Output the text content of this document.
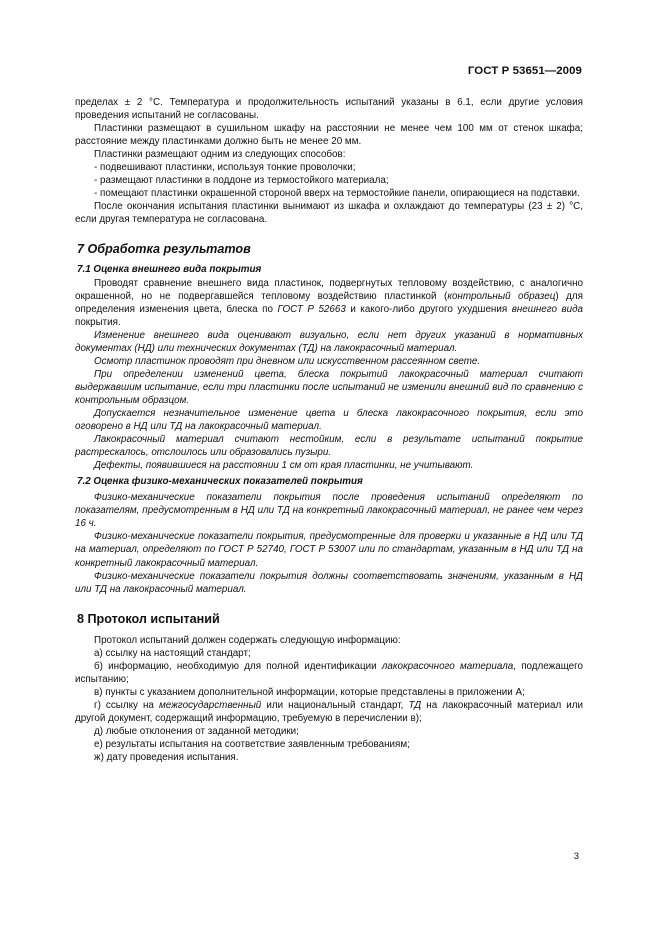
ГОСТ Р 53651—2009

пределах ± 2 °С. Температура и продолжительность испытаний указаны в 6.1, если другие условия проведения испытаний не согласованы.

Пластинки размещают в сушильном шкафу на расстоянии не менее чем 100 мм от стенок шкафа; расстояние между пластинками должно быть не менее 20 мм.

Пластинки размещают одним из следующих способов:

- подвешивают пластинки, используя тонкие проволочки;

- размещают пластинки в поддоне из термостойкого материала;

- помещают пластинки окрашенной стороной вверх на термостойкие панели, опирающиеся на подставки.

После окончания испытания пластинки вынимают из шкафа и охлаждают до температуры (23 ± 2) °С, если другая температура не согласована.

7 Обработка результатов
7.1 Оценка внешнего вида покрытия

Проводят сравнение внешнего вида пластинок, подвергнутых тепловому воздействию, с аналогично окрашенной, но не подвергавшейся тепловому воздействию пластинкой (контрольный образец) для определения изменения цвета, блеска по ГОСТ Р 52663 и какого-либо другого ухудшения внешнего вида покрытия.

Изменение внешнего вида оценивают визуально, если нет других указаний в нормативных документах (НД) или технических документах (ТД) на лакокрасочный материал.

Осмотр пластинок проводят при дневном или искусственном рассеянном свете.

При определении изменений цвета, блеска покрытий лакокрасочный материал считают выдержавшим испытание, если три пластинки после испытаний не изменили внешний вид по сравнению с контрольным образцом.

Допускается незначительное изменение цвета и блеска лакокрасочного покрытия, если это оговорено в НД или ТД на лакокрасочный материал.

Лакокрасочный материал считают нестойким, если в результате испытаний покрытие растрескалось, отслоилось или образовались пузыри.

Дефекты, появившиеся на расстоянии 1 см от края пластинки, не учитывают.

7.2 Оценка физико-механических показателей покрытия

Физико-механические показатели покрытия после проведения испытаний определяют по показателям, предусмотренным в НД или ТД на конкретный лакокрасочный материал, не ранее чем через 16 ч.

Физико-механические показатели покрытия, предусмотренные для проверки и указанные в НД или ТД на материал, определяют по ГОСТ Р 52740, ГОСТ Р 53007 или по стандартам, указанным в НД или ТД на конкретный лакокрасочный материал.

Физико-механические показатели покрытия должны соответствовать значениям, указанным в НД или ТД на лакокрасочный материал.

8 Протокол испытаний

Протокол испытаний должен содержать следующую информацию:

а) ссылку на настоящий стандарт;

б) информацию, необходимую для полной идентификации лакокрасочного материала, подлежащего испытанию;

в) пункты с указанием дополнительной информации, которые представлены в приложении А;

г) ссылку на межгосударственный или национальный стандарт, ТД на лакокрасочный материал или другой документ, содержащий информацию, требуемую в перечислении в);

д) любые отклонения от заданной методики;

е) результаты испытания на соответствие заявленным требованиям;

ж) дату проведения испытания.

3
